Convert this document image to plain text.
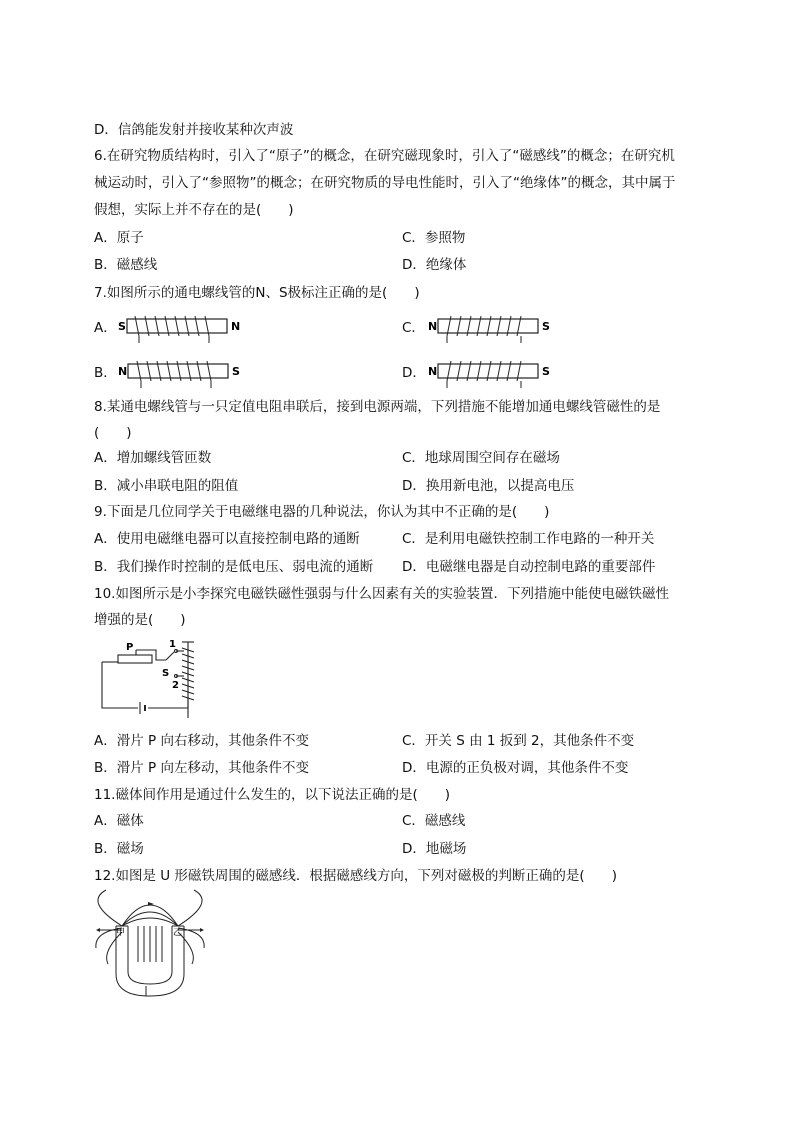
D．信鸽能发射并接收某种次声波
6.在研究物质结构时，引入了“原子”的概念，在研究磁现象时，引入了“磁感线”的概念；在研究机
械运动时，引入了“参照物”的概念；在研究物质的导电性能时，引入了“绝缘体”的概念，其中属于
假想，实际上并不存在的是(　　)
A．原子	C．参照物
B．磁感线	D．绝缘体
7.如图所示的通电螺线管的N、S极标注正确的是(　　)
A． S	N	C． N	S
B． N	S	D． N	S
8.某通电螺线管与一只定值电阻串联后，接到电源两端，下列措施不能增加通电螺线管磁性的是
(　　)
A．增加螺线管匝数	C．地球周围空间存在磁场
B．减小串联电阻的阻值	D．换用新电池，以提高电压
9.下面是几位同学关于电磁继电器的几种说法，你认为其中不正确的是(　　)
A．使用电磁继电器可以直接控制电路的通断	C．是利用电磁铁控制工作电路的一种开关
B．我们操作时控制的是低电压、弱电流的通断 D．电磁继电器是自动控制电路的重要部件
10.如图所示是小李探究电磁铁磁性强弱与什么因素有关的实验装置．下列措施中能使电磁铁磁性
增强的是(　　)
P	1
S
2
A．滑片 P 向右移动，其他条件不变	C．开关 S 由 1 扳到 2，其他条件不变
B．滑片 P 向左移动，其他条件不变	D．电源的正负极对调，其他条件不变
11.磁体间作用是通过什么发生的，以下说法正确的是(　　)
A．磁体	C．磁感线
B．磁场	D．地磁场
12.如图是 U 形磁铁周围的磁感线．根据磁感线方向，下列对磁极的判断正确的是(　　)
甲	乙
